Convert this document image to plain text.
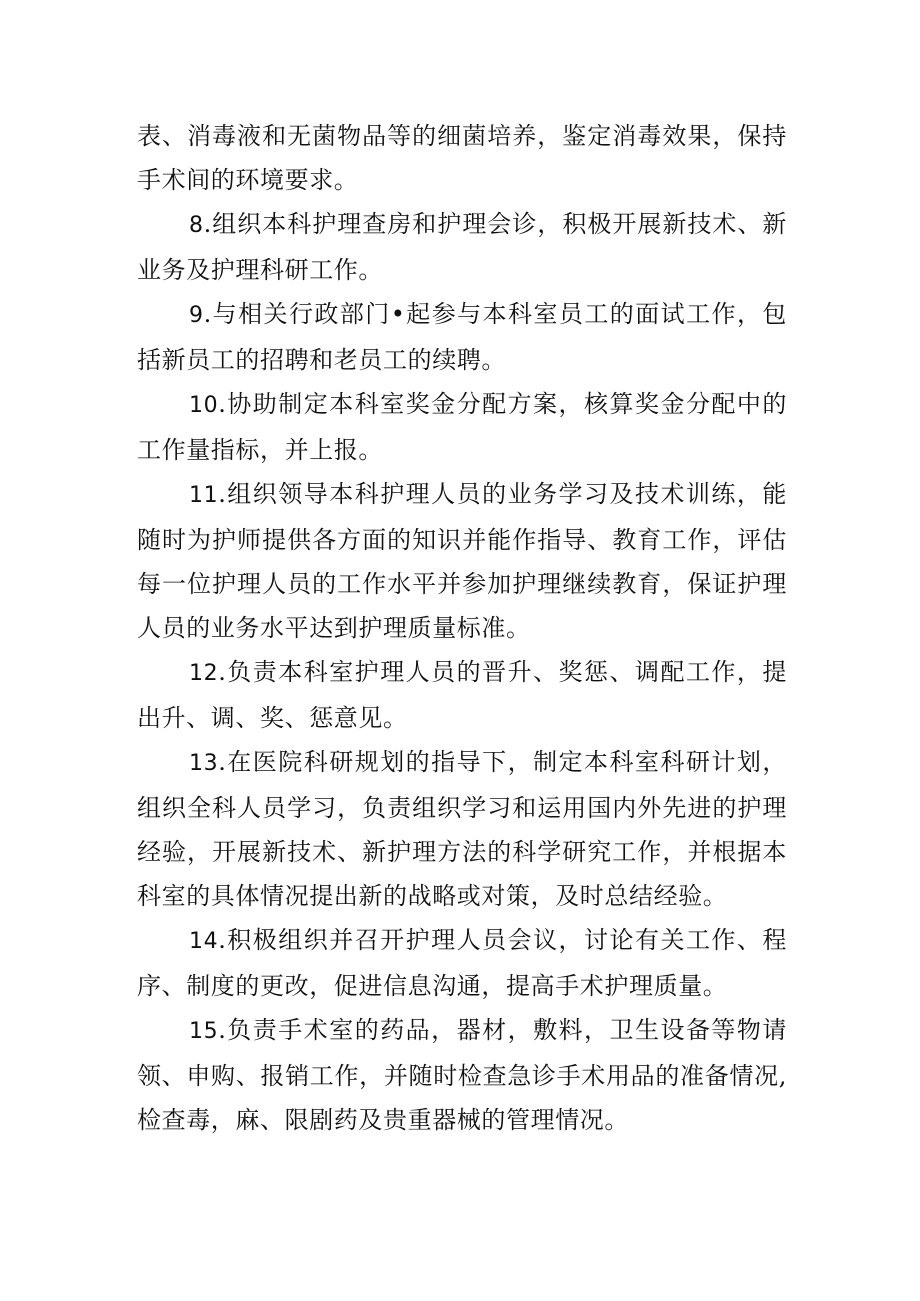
表、消毒液和无菌物品等的细菌培养，鉴定消毒效果，保持手术间的环境要求。

8.组织本科护理查房和护理会诊，积极开展新技术、新业务及护理科研工作。

9.与相关行政部门•起参与本科室员工的面试工作，包括新员工的招聘和老员工的续聘。

10.协助制定本科室奖金分配方案，核算奖金分配中的工作量指标，并上报。

11.组织领导本科护理人员的业务学习及技术训练，能随时为护师提供各方面的知识并能作指导、教育工作，评估每一位护理人员的工作水平并参加护理继续教育，保证护理人员的业务水平达到护理质量标准。

12.负责本科室护理人员的晋升、奖惩、调配工作，提出升、调、奖、惩意见。

13.在医院科研规划的指导下，制定本科室科研计划，组织全科人员学习，负责组织学习和运用国内外先进的护理经验，开展新技术、新护理方法的科学研究工作，并根据本科室的具体情况提出新的战略或对策，及时总结经验。

14.积极组织并召开护理人员会议，讨论有关工作、程序、制度的更改，促进信息沟通，提高手术护理质量。

15.负责手术室的药品，器材，敷料，卫生设备等物请领、申购、报销工作，并随时检查急诊手术用品的准备情况,检查毒，麻、限剧药及贵重器械的管理情况。
